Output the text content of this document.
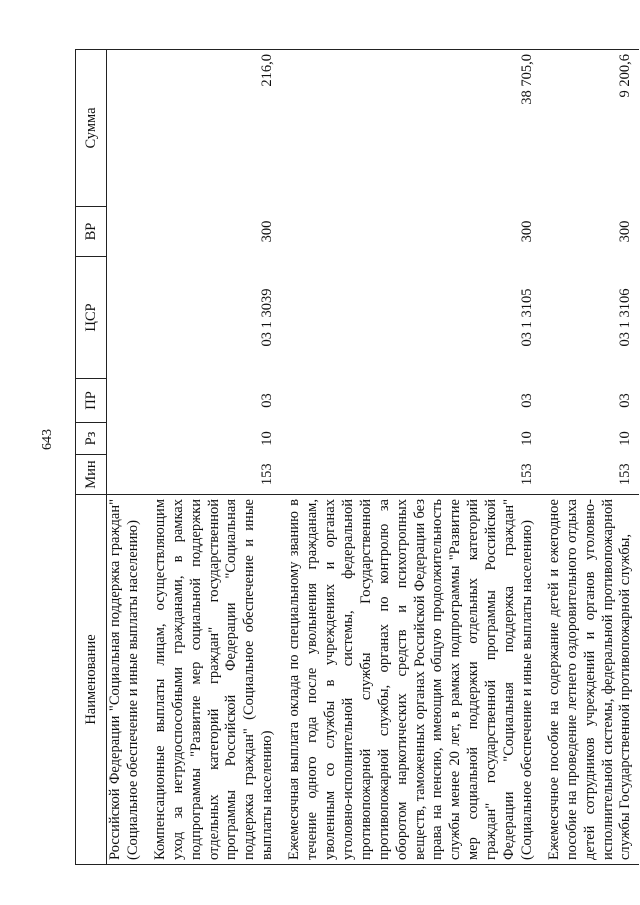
643
Наименование	Мин	Рз	ПР	ЦСР	ВР	Сумма
Российской Федерации "Социальная поддержка граждан" (Социальное обеспечение и иные выплаты населению)						
Компенсационные выплаты лицам, осуществляющим уход за нетрудоспособными гражданами, в рамках подпрограммы "Развитие мер социальной поддержки отдельных категорий граждан" государственной программы Российской Федерации "Социальная поддержка граждан" (Социальное обеспечение и иные выплаты населению)	153	10	03	03 1 3039	300	216,0
Ежемесячная выплата оклада по специальному званию в течение одного года после увольнения гражданам, уволенным со службы в учреждениях и органах уголовно-исполнительной системы, федеральной противопожарной службы Государственной противопожарной службы, органах по контролю за оборотом наркотических средств и психотропных веществ, таможенных органах Российской Федерации без права на пенсию, имеющим общую продолжительность службы менее 20 лет, в рамках подпрограммы "Развитие мер социальной поддержки отдельных категорий граждан" государственной программы Российской Федерации "Социальная поддержка граждан" (Социальное обеспечение и иные выплаты населению)	153	10	03	03 1 3105	300	38 705,0
Ежемесячное пособие на содержание детей и ежегодное пособие на проведение летнего оздоровительного отдыха детей сотрудников учреждений и органов уголовно-исполнительной системы, федеральной противопожарной службы Государственной противопожарной службы,	153	10	03	03 1 3106	300	9 200,6
